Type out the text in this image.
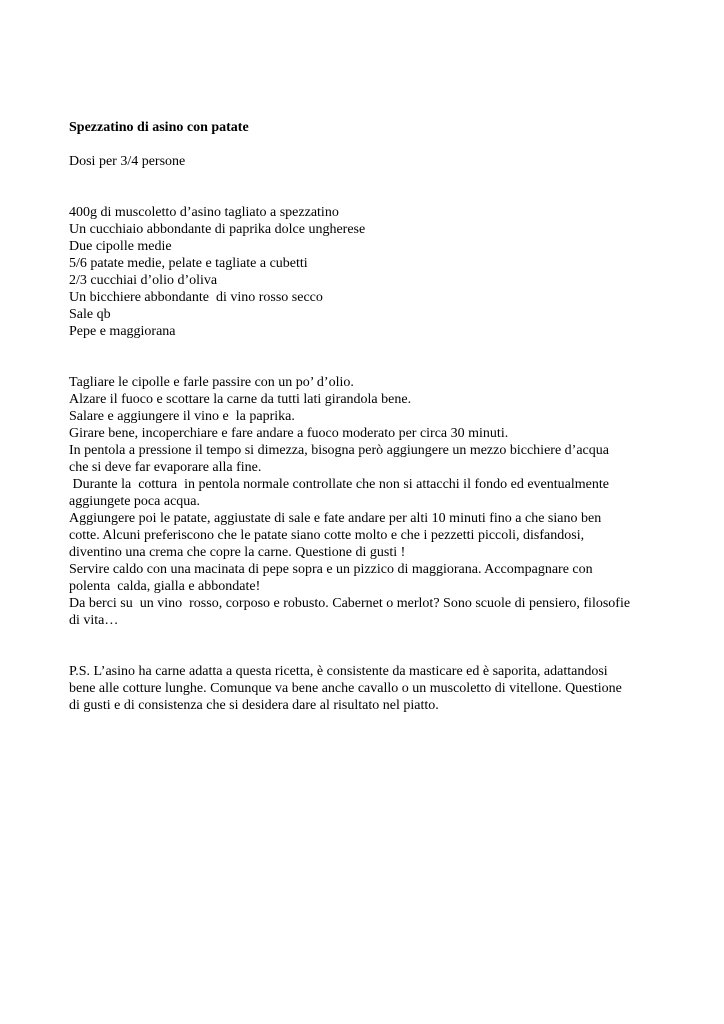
Spezzatino di asino con patate

Dosi per 3/4 persone

400g di muscoletto d’asino tagliato a spezzatino
Un cucchiaio abbondante di paprika dolce ungherese
Due cipolle medie
5/6 patate medie, pelate e tagliate a cubetti
2/3 cucchiai d’olio d’oliva
Un bicchiere abbondante  di vino rosso secco
Sale qb
Pepe e maggiorana
Tagliare le cipolle e farle passire con un po’ d’olio.
Alzare il fuoco e scottare la carne da tutti lati girandola bene.
Salare e aggiungere il vino e  la paprika.
Girare bene, incoperchiare e fare andare a fuoco moderato per circa 30 minuti.
In pentola a pressione il tempo si dimezza, bisogna però aggiungere un mezzo bicchiere d’acqua
che si deve far evaporare alla fine.
Durante la  cottura  in pentola normale controllate che non si attacchi il fondo ed eventualmente
aggiungete poca acqua.
Aggiungere poi le patate, aggiustate di sale e fate andare per alti 10 minuti fino a che siano ben
cotte. Alcuni preferiscono che le patate siano cotte molto e che i pezzetti piccoli, disfandosi,
diventino una crema che copre la carne. Questione di gusti !
Servire caldo con una macinata di pepe sopra e un pizzico di maggiorana. Accompagnare con
polenta  calda, gialla e abbondate!
Da berci su  un vino  rosso, corposo e robusto. Cabernet o merlot? Sono scuole di pensiero, filosofie
di vita…
P.S. L’asino ha carne adatta a questa ricetta, è consistente da masticare ed è saporita, adattandosi
bene alle cotture lunghe. Comunque va bene anche cavallo o un muscoletto di vitellone. Questione
di gusti e di consistenza che si desidera dare al risultato nel piatto.
